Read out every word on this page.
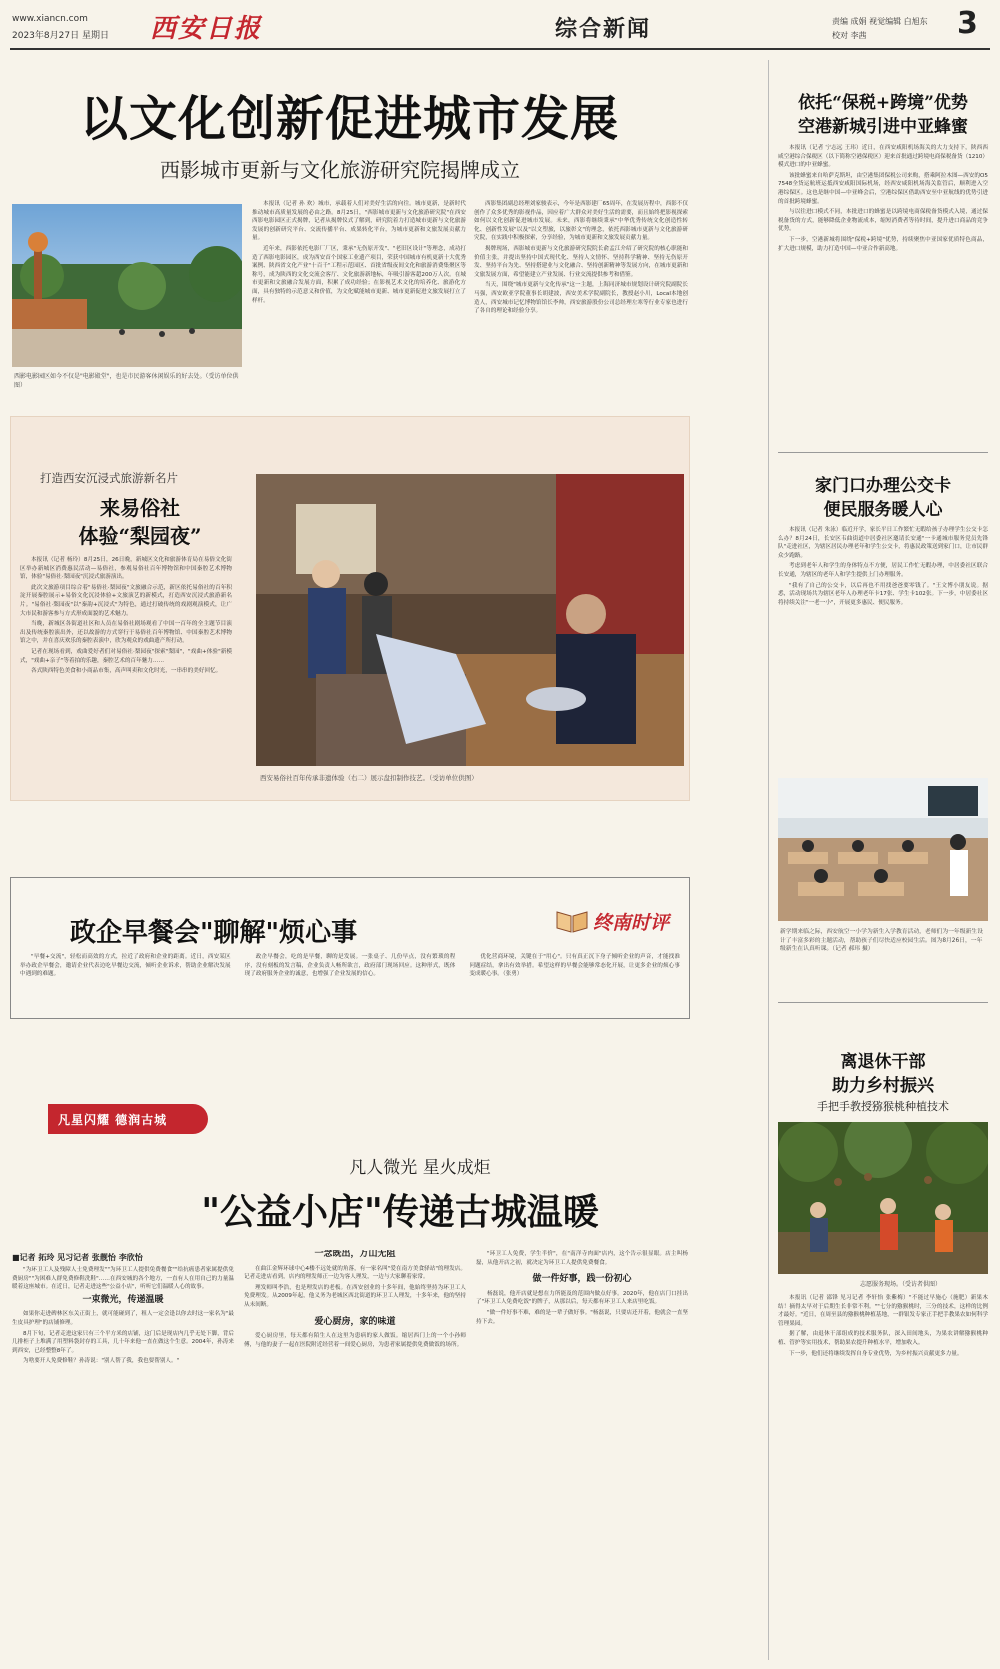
www.xiancn.com
2023年8月27日 星期日 西安日报	综合新闻	责编 成娟 视觉编辑 白旭东
校对 李茜	3
以文化创新促进城市发展
西影城市更新与文化旅游研究院揭牌成立
西影电影园区如今不仅是"电影殿堂"，也是市民游客休闲娱乐的好去处。（受访单位供图）

本报讯（记者 孙 欢）城市，承载着人们对美好生活的向往。城市更新，是新时代推动城市高质量发展的必由之路。8月25日，"西影城市更新与文化旅游研究院"在西安西影电影园区正式揭牌，记者从揭牌仪式了解到，研究院着力打造城市更新与文化旅游发展的创新研究平台、交流传播平台、成果转化平台，为城市更新和文旅发展贡献力量。

近年来，西影依托电影厂厂区，秉承"无伤原开发"、"老旧区设计"等理念，成功打造了西影电影园区，成为西安首个国家工业遗产项目，荣获中国城市有机更新十大优秀案例、陕西省文化产业"十百千"工程示范园区、首批省级夜间文化和旅游消费集聚区等称号，成为陕西的文化交流会客厅、文化旅游新地标，年吸引游客超200万人次。在城市更新和文旅融合发展方面，积累了成功经验；在影视艺术文化的培养化、旅游化方面，具有独特的示范意义和价值，为文化赋能城市更新、城市更新促进文旅发展打立了样杆。

西影集团副总经理刘家骏表示，今年是西影建厂65周年，在发展历程中，西影不仅创作了众多优秀的影视作品，因应着广大群众对美好生活的需要，而且始终把影视探索如何以文化创新促进城市发展。未来，西影将继续秉承"中华优秀传统文化创造性转化、创新性发展"以及"以文塑旅，以旅彰文"的理念，依托西影城市更新与文化旅游研究院，在实践中积极探索，分享经验，为城市更新和文旅发展贡献力量。

揭牌现场，西影城市更新与文化旅游研究院院长俞孟江介绍了研究院的核心职能和价值主张，并提出坚持中国式现代化、坚持人文情怀、坚持科学精神、坚持无伤原开发、坚持平台为先、坚持搭建业与文化融合、坚持创新精神等发展方向，在城市更新和文旅发展方面，希望能建立产业发展、行业交流提供参考和借鉴。

当天，围绕"城市更新与文化传承"这一主题，上海同济城市规划设计研究院副院长马强，西安欧亚学院董事长胡建波，西安美术学院副院长，教授赵小川，Local本地创造人，西安城市记忆博物馆馆长李帅，西安旅游股份公司总经理左寒等行业专家也进行了各自的理论和经验分享。

打造西安沉浸式旅游新名片
来易俗社
体验“梨园夜”

本报讯（记者 杨玲）8月25日，26日晚，新城区文化和旅游体育局在易俗文化街区举办新城区消费惠民活动—易俗社，参观易俗社百年博物馆和中国秦腔艺术博物馆，体验"易俗社·梨园夜"沉浸式旅游演出。

此次文旅游项目综合着"易俗社·梨园夜"文旅融合示范，新区依托易俗社的百年积淀开展秦腔展示+易俗文化沉浸体验+文旅演艺的新模式，打造西安沉浸式旅游新名片。"易俗社·梨园夜"以"秦韵+沉浸式"为特色，通过打破传统的戏剧观演模式，让广大市民和游客参与方式形成面貌的艺术魅力。

当晚，新城区各街道社区和人员在易俗社剧场观看了中国一百年的全主题节目演出及传统秦腔演出外，还以故游的方式穿行于易俗社百年博物馆、中国秦腔艺术博物馆之中，并在喜庆欢乐的秦腔表演中，欣为观众的戏曲遗产所打动。

记者在现场看到，戏曲爱好者们对易俗社·梨园夜"探索"梨园"，"戏曲+体验"新模式，"戏曲+亲子"等着拍的乐趣，秦腔艺术的百年魅力……

各式陕西特色美食和小商品市集，高声叫卖和文化时光，一串串的美好回忆。

西安易俗社百年传承非遗体验（右二）展示盘扣制作技艺。（受访单位供图）
政企早餐会"聊解"烦心事	终南时评

"早餐+交流"，轻松而高效的方式，拉近了政府和企业的距离。近日，西安某区举办政企早餐会，邀请企业代表边吃早餐边交流，倾听企业诉求，帮助企业解决发展中遇到的难题。

政企早餐会，吃的是早餐，聊的是发展。一张桌子、几份早点，没有繁琐的程序，没有刻板的发言稿，企业负责人畅所欲言，政府部门现场回应。这种形式，既体现了政府服务企业的诚意，也增强了企业发展的信心。

优化营商环境，关键在于"用心"。只有真正沉下身子倾听企业的声音，才能找准问题症结，拿出有效举措。希望这样的早餐会能够常态化开展，让更多企业的烦心事变成暖心事。（张勇）

凡星闪耀 德润古城
凡人微光 星火成炬
"公益小店"传递古城温暖
■记者 拓玲 见习记者 张靓怡 李欣怡

"为环卫工人及残障人士免费理发""为环卫工人提供免费餐食""给抗癌患者家属提供免费厨房""为困难人群免费修鞋洗鞋"……在西安城的各个地方，一直有人在用自己的力量温暖着这座城市。在近日，记者走进这些"公益小店"，听听它们温暖人心的故事。

一束微光，传递温暖

如果你走进碑林区东关正街上，就可能碰到了，租人一定会逢以你去时这一家名为"最生皮具护理"的店铺修理。

8月下旬，记者走进这家只有三个平方米的店铺，这门后是现店内几乎无处下脚，背后几排柜子上堆满了用塑料袋封存的工具，几十年来他一直在做这个生意。2004年，孙涛来到西安，已经整整8年了。

为啥要开人免费修鞋？孙涛说："别人帮了我，我也要帮别人。"

一念既出，万山无阻

在曲江金辉环球中心4楼不远处就的角落，有一家名叫"爱在南方美食驿站"的理发店。记者走进店看到，店内的理发师正一边为客人理发，一边与大家聊着家常。

理发师叫李浩，也是理发店的老板。在西安创业的十多年间，他始终坚持为环卫工人免费理发。从2009年起，他义务为老城区西北街道的环卫工人理发，十多年来，他的坚持从未间断。

爱心厨房，家的味道

爱心厨房里，每天都有陌生人在这里为患病的家人做饭。缩居西门上的一个小孙师傅，与他的妻子一起在医院附近经营着一间爱心厨房，为患者家属提供免费做饭的场所。

"环卫工人免费，学生半价"，在"南洋寺肉面"店内，这个告示很显眼。店主叫杨磊，从他开店之初，就决定为环卫工人提供免费餐食。

做一件好事，践一份初心

杨磊说，他开店就是想在力所能及的范围内做点好事。2020年，他在店门口挂出了"环卫工人免费吃饭"的牌子，从那以后，每天都有环卫工人来店里吃饭。

"做一件好事不难，难的是一辈子做好事。"杨磊说，只要店还开着，他就会一直坚持下去。

依托“保税+跨境”优势
空港新城引进中亚蜂蜜

本报讯（记者 宁志远 王玮）近日，在西安咸阳机场海关的大力支持下，陕西西咸空港综合保税区（以下简称空港保税区）迎来首批通过跨境电商保税备货（1210）模式进口的中亚蜂蜜。

该批蜂蜜来自哈萨克斯坦，由空港集团保税公司来购，搭乘阿拉木图—西安的O57548全货运航班运抵西安咸阳国际机场，经西安咸阳机场海关监管后，顺利进入空港综保区。这也是继中国—中亚峰会后，空港综保区借助西安至中亚航线的优势引进的首批跨境蜂蜜。

与以往进口模式不同，本批进口的蜂蜜是以跨境电商保税备货模式入境，通过保税备货的方式，能够降低企业物流成本，缩短消费者等待时间，提升进口商品的竞争优势。

下一步，空港新城将围绕"保税+跨境"优势，持续聚焦中亚国家优质特色商品，扩大进口规模，助力打造中国—中亚合作新高地。

家门口办理公交卡
便民服务暖人心

本报讯（记者 朱泳）临近开学，家长平日工作繁忙无暇给孩子办理学生公交卡怎么办？8月24日，长安区韦曲街道中居委社区邀请长安通"一卡通城市服务党员先锋队"走进社区，为辖区居民办理老年和学生公交卡，将惠民政策送到家门口，让市民群众少跑路。

考虑到老年人和学生的身体特点不方便，居民工作忙无暇办理，中居委社区联合长安通，为辖区的老年人和学生提供上门办理服务。

"我有了自己的公交卡，以后再也不用找爸爸要零钱了。"王文博小朋友说。据悉，活动现场共为辖区老年人办理老年卡17张、学生卡102张。下一步，中居委社区将持续关注"一老一小"，开展更多惠民、便民服务。

新学期来临之际，西安航空一小学为新生入学教育活动，老师们为一年级新生设计了丰富多彩的主题活动，帮助孩子们尽快适应校园生活。图为8月26日，一年级新生在认真听课。（记者 郝玮 摄）
离退休干部
助力乡村振兴
手把手教授猕猴桃种植技术
志愿服务现场。（受访者供图）

本报讯（记者 邵锋 见习记者 李轩怡 张紫梅）"不能过早施心（施肥）新果木结！摘得太早对于后期生长非常不利。""七分的猕猴桃时，三分的技术，这样的比例才最好。"近日，在周至县的猕猴桃种植基地，一群银发专家正手把手教果农如何科学管理果园。

据了解，由退休干部组成的技术服务队，深入田间地头，为果农讲解猕猴桃种植、管护等实用技术，帮助果农提升种植水平，增加收入。

下一步，他们还将继续发挥自身专业优势，为乡村振兴贡献更多力量。
